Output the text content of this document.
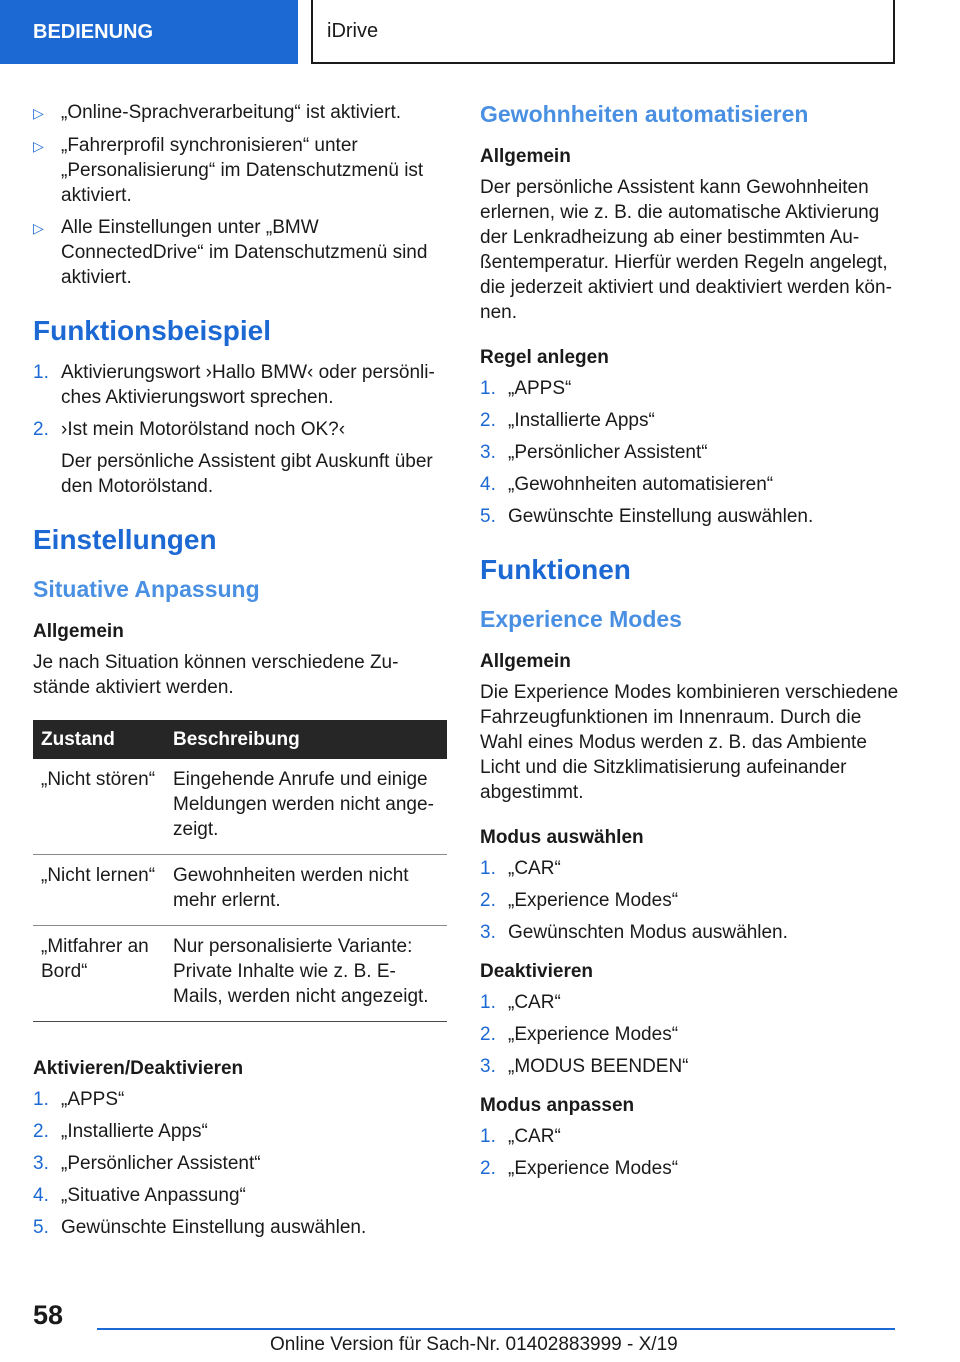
BEDIENUNG	iDrive
▷ „Online-Sprachverarbeitung“ ist aktiviert.
▷ „Fahrerprofil synchronisieren“ unter „Personalisierung“ im Datenschutzmenü ist aktiviert.
▷ Alle Einstellungen unter „BMW ConnectedDrive“ im Datenschutzmenü sind aktiviert.
Funktionsbeispiel
1. Aktivierungswort ›Hallo BMW‹ oder persönliches Aktivierungswort sprechen.
2. ›Ist mein Motorölstand noch OK?‹
Der persönliche Assistent gibt Auskunft über den Motorölstand.
Einstellungen
Situative Anpassung
Allgemein

Je nach Situation können verschiedene Zustände aktiviert werden.

Zustand	Beschreibung
„Nicht stören“	Eingehende Anrufe und einige Meldungen werden nicht angezeigt.
„Nicht lernen“	Gewohnheiten werden nicht mehr erlernt.
„Mitfahrer an Bord“	Nur personalisierte Variante: Private Inhalte wie z. B. E-Mails, werden nicht angezeigt.
Aktivieren/Deaktivieren
1. „APPS“
2. „Installierte Apps“
3. „Persönlicher Assistent“
4. „Situative Anpassung“
5. Gewünschte Einstellung auswählen.
Gewohnheiten automatisieren
Allgemein

Der persönliche Assistent kann Gewohnheiten erlernen, wie z. B. die automatische Aktivierung der Lenkradheizung ab einer bestimmten Außentemperatur. Hierfür werden Regeln angelegt, die jederzeit aktiviert und deaktiviert werden können.

Regel anlegen
1. „APPS“
2. „Installierte Apps“
3. „Persönlicher Assistent“
4. „Gewohnheiten automatisieren“
5. Gewünschte Einstellung auswählen.
Funktionen
Experience Modes
Allgemein

Die Experience Modes kombinieren verschiedene Fahrzeugfunktionen im Innenraum. Durch die Wahl eines Modus werden z. B. das Ambiente Licht und die Sitzklimatisierung aufeinander abgestimmt.

Modus auswählen
1. „CAR“
2. „Experience Modes“
3. Gewünschten Modus auswählen.
Deaktivieren
1. „CAR“
2. „Experience Modes“
3. „MODUS BEENDEN“
Modus anpassen
1. „CAR“
2. „Experience Modes“
58
Online Version für Sach-Nr. 01402883999 - X/19
